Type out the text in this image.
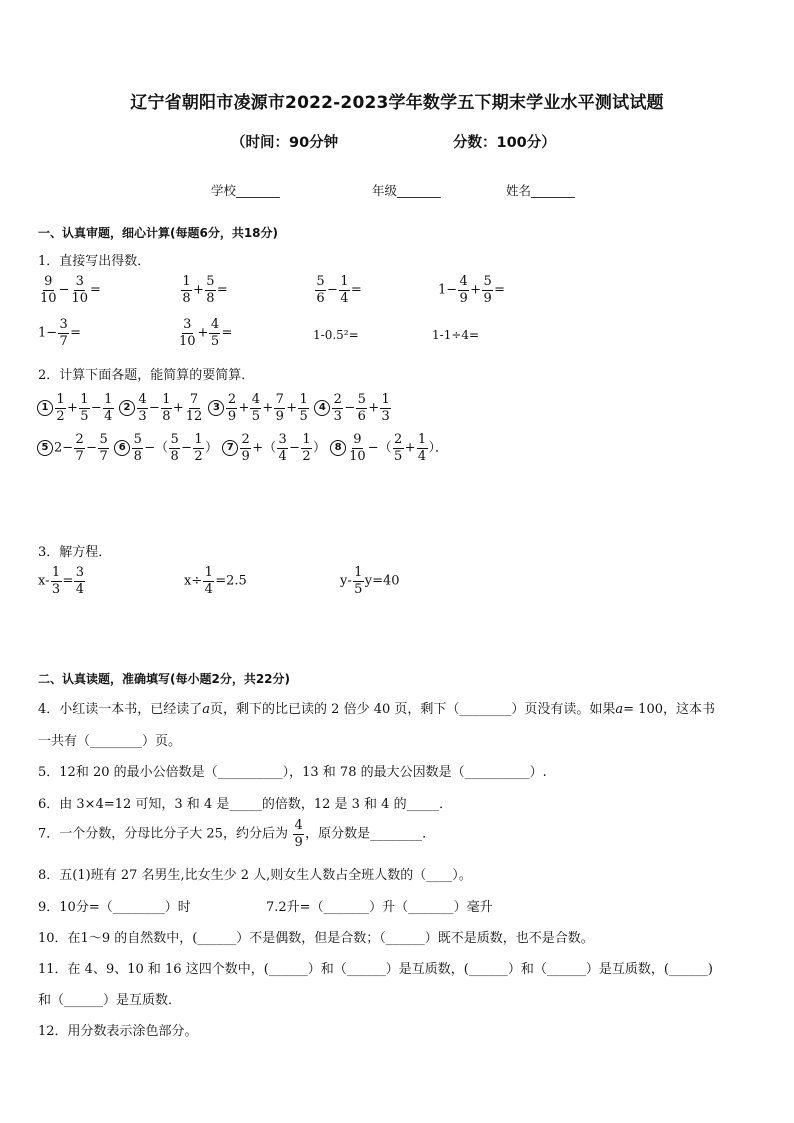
辽宁省朝阳市凌源市2022-2023学年数学五下期末学业水平测试试题
（时间：90分钟	分数：100分）
学校_______	年级_______	姓名_______
一、认真审题，细心计算(每题6分，共18分)
1．直接写出得数．
$\frac{9}{10} - \frac{3}{10}$ =	$\frac{1}{8} + \frac{5}{8}$ =	$\frac{5}{6} - \frac{1}{4}$ =	$1- \frac{4}{9} + \frac{5}{9}$ =
$1- \frac{3}{7}$ =	$\frac{3}{10} + \frac{4}{5}$ =	1-0.5²=	1-1÷4=
2．计算下面各题，能简算的要简算．
$1 \frac{1}{2} + \frac{1}{5} - \frac{1}{4} 2 \frac{4}{3} - \frac{1}{8} + \frac{7}{12} 3 \frac{2}{9} + \frac{4}{5} + \frac{7}{9} + \frac{1}{5} 4 \frac{2}{3} - \frac{5}{6} + \frac{1}{3}$
5 $2- \frac{2}{7} - \frac{5}{7} 6 \frac{5}{8}$ −（ $\frac{5}{8} - \frac{1}{2}$ ） $7 \frac{2}{9}$ +（ $\frac{3}{4} - \frac{1}{2}$ ） $8 \frac{9}{10}$ −（ $\frac{2}{5} + \frac{1}{4}$ ）．
3．解方程．
$x- \frac{1}{3} = \frac{3}{4}$	$x\div \frac{1}{4} =2.5$	$y- \frac{1}{5} y=40$
二、认真读题，准确填写(每小题2分，共22分)
4．小红读一本书，已经读了a页，剩下的比已读的 2 倍少 40 页，剩下（________）页没有读。如果a= 100，这本书
一共有（________）页。
5．12和 20 的最小公倍数是（__________），13 和 78 的最大公因数是（__________）.
6．由 3×4=12 可知，3 和 4 是_____的倍数，12 是 3 和 4 的_____．
7．一个分数，分母比分子大 25，约分后为 $\frac{4}{9}$ ，原分数是________．
8．五(1)班有 27 名男生,比女生少 2 人,则女生人数占全班人数的（____）。
9．10分=（________）时	7.2升=（_______）升（_______）毫升
10．在1～9 的自然数中，(______）不是偶数，但是合数；（______）既不是质数，也不是合数。
11．在 4、9、10 和 16 这四个数中，(______）和（______）是互质数，(______）和（______）是互质数，(______)
和（______）是互质数．
12．用分数表示涂色部分。
